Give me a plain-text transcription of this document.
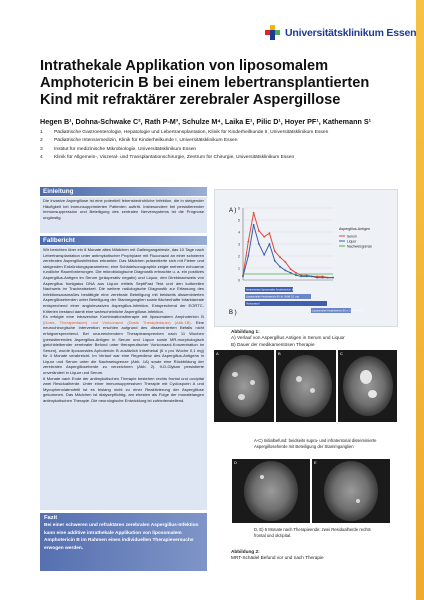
Universitätsklinikum Essen
Intrathekale Applikation von liposomalem Amphotericin B bei einem lebertransplantierten Kind mit refraktärer zerebraler Aspergillose
Hegen B¹, Dohna-Schwake C², Rath P-M³, Schulze M⁴, Laika E¹, Pilic D¹, Hoyer PF¹, Kathemann S¹
1 Pädiatrische Gastroenterologie, Hepatologie und Lebertransplantation, Klinik für Kinderheilkunde II, Universitätsklinikum Essen
2 Pädiatrische Intensivmedizin, Klinik für Kinderheilkunde I, Universitätsklinikum Essen
3 Institut für medizinische Mikrobiologie, Universitätsklinikum Essen
4 Klinik für Allgemein-, Viszeral- und Transplantationschirurgie, Zentrum für Chirurgie, Universitätsklinikum Essen
Einleitung

Die invasive Aspergillose ist eine potentiell lebensbedrohliche Infektion, die in steigender Häufigkeit bei immunsupprimierten Patienten auftritt. Insbesondere bei persistierender Immunsuppression und Beteiligung des zentralen Nervensystems ist die Prognose ungünstig.

Fallbericht

Wir berichten über ein 6 Monate altes Mädchen mit Gallengangatresie, das 10 Tage nach Lebertransplantation unter antimykotischer Prophylaxe mit Fluconazol an einer schweren zerebralen Aspergillusinfektion erkrankte. Das Mädchen präsentierte sich mit Fieber und steigenden Entzündungsparametern; eine Schädelsonographie zeigte mehrere echoarme rundliche Raumforderungen. Die mikrobiologische Diagnostik erbrachte u. a. ein positives Aspergillus-Antigen im Serum (präoperativ negativ) und Liquor, den Direktnachweis von Aspergillus fumigatus DNA aus Liquor mittels SeptiFast Test und den kulturellen Nachweis im Trachealsekret. Die weitere radiologische Diagnostik zur Erfassung des Infektionsausmaßes bestätigte eine zerebrale Beteiligung mit beidseits disseminierten Aspergilloseherden unter Beteiligung der Stammganglien sowie flächenhafte Infarktareale entsprechend einer angioinvasiven Aspergillus-Infektion. Entsprechend der EORTC-Kriterien bestand damit eine wahrscheinliche Aspergillose-Infektion.

Es erfolgte eine intravenöse Kombinationstherapie mit liposomalem Amphotericin B (Dosis, Therapiedauer) und Voriconazol (Dosis Therapiedauer) (Abb.1B). Eine neurochirurgische Intervention erschien aufgrund des disseminierten Befalls nicht erfolgversprechend. Bei unzureichendem Therapieansprechen nach 11 Wochen (persistierendes Aspergillus-Antigen in Serum und Liquor sowie MR-morphologisch gleichbleibender zerebraler Befund unter therapeutischer Voriconazol-Konzentration im Serum), wurde liposomales Aphotericin B zusätzlich intrathekal (6 x pro Woche 0,1 mg) für 4 Monate verabreicht. Im Verlauf war eine Regredienz des Aspergillus-Antigens in Liquor und Serum unter die Nachweisgrenze (Abb. 1A) sowie eine Rückbildung der zerebralen Aspergilloseherde zu verzeichnen (Abb. 2). 9-D-Glykan persistierte unverändert in Liquor und Serum.

6 Monate nach Ende der antimykotischen Therapie bestehen rechts frontal und occipital zwei Residualherde. Unter einer immunsuppressiven Therapie mit Cyclosporin A und Mycophenolatmofetil ist es bislang nicht zu einer Reaktivierung der Aspergillose gekommen. Das Mädchen ist dialysepflichtig, am ehesten als Folge der monatelangen antimykotischen Therapie. Die neurologische Entwicklung ist zufriedenstellend.

Fazit
Bei einer schweren und refraktären zerebralen Aspergillus-Infektion kann eine additive intrathekale Applikation von liposomalem Amphotericin B im Rahmen eines individuellen Therapieversuchs erwogen werden.
A )
B )
0
1
2
3
4
5
6
Aspergillus-Antigen
Serum
Liquor
Nachweisgrenze
Intravenöses liposomales Amphotericin B
Liposomales Amphotericin B i.th. 6x/W 0,1 mg
Voriconazol
Liposomales Amphotericin B i.v. 3 x/Woche
Abbildung 1:
A) Verlauf von Aspergillus Antigen in Serum und Liquor
B) Dauer der medikamentösen Therapie
A	B	C
A-C) Initialbefund: beidseits supra- und infratentorial disseminierte Aspergilloseherde mit Beteiligung der Stammganglien
D	E
D, E) 6 Monate nach Therapieende: zwei Residualherde rechts frontal und okzipital.
Abbildung 2:
MRT-Schädel Befund vor und nach Therapie
